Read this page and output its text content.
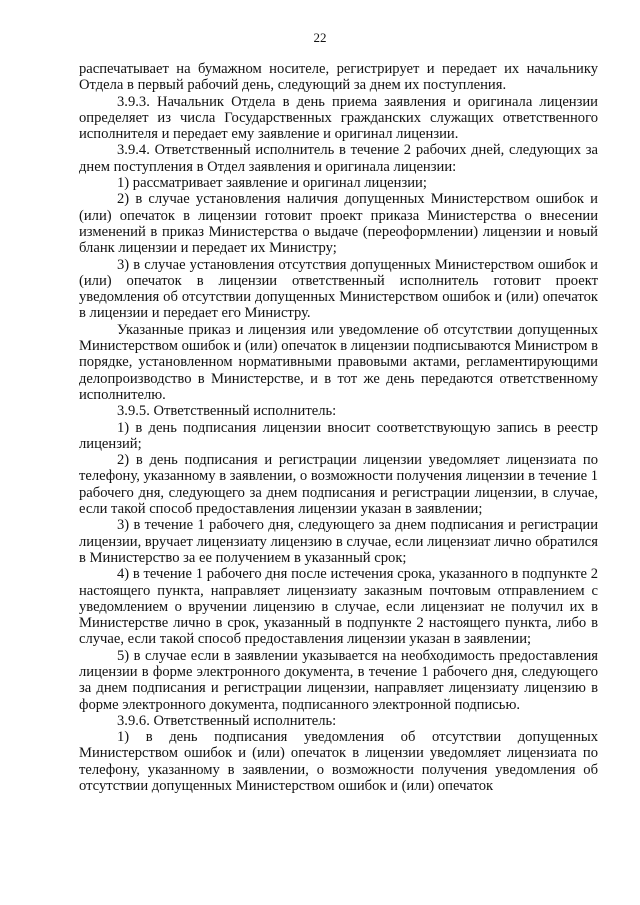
22

распечатывает на бумажном носителе, регистрирует и передает их начальнику Отдела в первый рабочий день, следующий за днем их поступления.

3.9.3. Начальник Отдела в день приема заявления и оригинала лицензии определяет из числа Государственных гражданских служащих ответственного исполнителя и передает ему заявление и оригинал лицензии.

3.9.4. Ответственный исполнитель в течение 2 рабочих дней, следующих за днем поступления в Отдел заявления и оригинала лицензии:

1) рассматривает заявление и оригинал лицензии;

2) в случае установления наличия допущенных Министерством ошибок и (или) опечаток в лицензии готовит проект приказа Министерства о внесении изменений в приказ Министерства о выдаче (переоформлении) лицензии и новый бланк лицензии и передает их Министру;

3) в случае установления отсутствия допущенных Министерством ошибок и (или) опечаток в лицензии ответственный исполнитель готовит проект уведомления об отсутствии допущенных Министерством ошибок и (или) опечаток в лицензии и передает его Министру.

Указанные приказ и лицензия или уведомление об отсутствии допущенных Министерством ошибок и (или) опечаток в лицензии подписываются Министром в порядке, установленном нормативными правовыми актами, регламентирующими делопроизводство в Министерстве, и в тот же день передаются ответственному исполнителю.

3.9.5. Ответственный исполнитель:

1) в день подписания лицензии вносит соответствующую запись в реестр лицензий;

2) в день подписания и регистрации лицензии уведомляет лицензиата по телефону, указанному в заявлении, о возможности получения лицензии в течение 1 рабочего дня, следующего за днем подписания и регистрации лицензии, в случае, если такой способ предоставления лицензии указан в заявлении;

3) в течение 1 рабочего дня, следующего за днем подписания и регистрации лицензии, вручает лицензиату лицензию в случае, если лицензиат лично обратился в Министерство за ее получением в указанный срок;

4) в течение 1 рабочего дня после истечения срока, указанного в подпункте 2 настоящего пункта, направляет лицензиату заказным почтовым отправлением с уведомлением о вручении лицензию в случае, если лицензиат не получил их в Министерстве лично в срок, указанный в подпункте 2 настоящего пункта, либо в случае, если такой способ предоставления лицензии указан в заявлении;

5) в случае если в заявлении указывается на необходимость предоставления лицензии в форме электронного документа, в течение 1 рабочего дня, следующего за днем подписания и регистрации лицензии, направляет лицензиату лицензию в форме электронного документа, подписанного электронной подписью.

3.9.6. Ответственный исполнитель:

1) в день подписания уведомления об отсутствии допущенных Министерством ошибок и (или) опечаток в лицензии уведомляет лицензиата по телефону, указанному в заявлении, о возможности получения уведомления об отсутствии допущенных Министерством ошибок и (или) опечаток
